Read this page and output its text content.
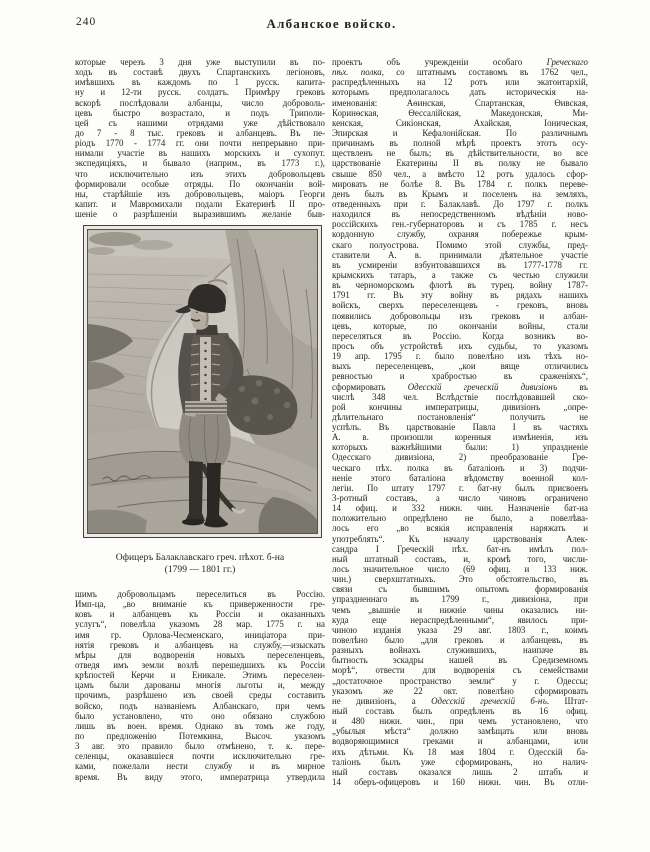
240	Албанское войско.
которые черезъ 3 дня уже выступили въ по-
ходъ въ составѣ двухъ Спартанскихъ легіоновъ,
имѣвшихъ въ каждомъ по 1 русск. капита-
ну и 12-ти русск. солдатъ. Примѣру грековъ
вскорѣ послѣдовали албанцы, число доброволь-
цевъ быстро возрастало, и подъ Триполи-
цей съ нашими отрядами уже дѣйствовало
до 7 - 8 тыс. грековъ и албанцевъ. Въ пе-
ріодъ 1770 - 1774 гг. они почти непрерывно при-
нимали участіе въ нашихъ морскихъ и сухопут.
экспедиціяхъ, и бывало (наприм., въ 1773 г.),
что исключительно изъ этихъ добровольцевъ
формировали особые отряды. По окончаніи вой-
ны, старѣйшіе изъ добровольцевъ, маіоръ Георги
капит. и Мавромихали подали Екатеринѣ II про-
шеніе о разрѣшеніи выразившимъ желаніе быв-
Офицеръ Балаклавскаго греч. пѣхот. б-на
(1799 — 1801 гг.)
шимъ добровольцамъ переселиться въ Россію.
Имп-ца, „во вниманіе къ приверженности гре-
ковъ и албанцевъ къ Россіи и оказанныхъ
услугъ“, повелѣла указомъ 28 мар. 1775 г. на
имя гр. Орлова-Чесменскаго, иниціатора при-
нятія грековъ и албанцевъ на службу,—изыскать
мѣры для водворенія новыхъ переселенцевъ,
отведя имъ земли возлѣ перешедшихъ къ Россіи
крѣпостей Керчи и Еникале. Этимъ переселен-
цамъ были дарованы многія льготы и, между
прочимъ, разрѣшено изъ своей среды составить
войско, подъ названіемъ Албанскаго, при чемъ
было установлено, что оно обязано службою
лишь въ воен. время. Однако въ томъ же году,
по предложенію Потемкина, Высоч. указомъ
3 авг. это правило было отмѣнено, т. к. пере-
селенцы, оказавшіеся почти исключительно гре-
ками, пожелали нести службу и въ мирное
время. Въ виду этого, императрица утвердила
проектъ объ учрежденіи особаго Греческаго
пѣх. полка, со штатнымъ составомъ въ 1762 чел.,
распредѣленныхъ на 12 ротъ или экатонтархій,
которымъ предполагалось дать историческія на-
именованія: Аѳинская, Спартанская, Ѳивская,
Коринѳская, Ѳессалійская, Македонская, Ми-
кенская, Сикіонская, Ахайская, Іоническая,
Эпирская и Кефалонійская. По различнымъ
причинамъ въ полной мѣрѣ проектъ этотъ осу-
ществленъ не былъ; въ дѣйствительности, во все
царствованіе Екатерины II въ полку не бывало
свыше 850 чел., а вмѣсто 12 ротъ удалось сфор-
мировать не болѣе 8. Въ 1784 г. полкъ переве-
денъ былъ въ Крымъ и поселенъ на земляхъ,
отведенныхъ при г. Балаклавѣ. До 1797 г. полкъ
находился въ непосредственномъ вѣдѣніи ново-
россійскихъ ген.-губернаторовъ и съ 1785 г. несъ
кордонную службу, охраняя побережье крым-
скаго полуострова. Помимо этой службы, пред-
ставители А. в. принимали дѣятельное участіе
въ усмиреніи взбунтовавшихся въ 1777-1778 гг.
крымскихъ татаръ, а также съ честью служили
въ черноморскомъ флотѣ въ турец. войну 1787-
1791 гг. Въ эту войну въ рядахъ нашихъ
войскъ, сверхъ переселенцевъ - грековъ, вновь
появились добровольцы изъ грековъ и албан-
цевъ, которые, по окончаніи войны, стали
переселяться въ Россію. Когда возникъ во-
просъ объ устройствѣ ихъ судьбы, то указомъ
19 апр. 1795 г. было повелѣно изъ тѣхъ но-
выхъ переселенцевъ, „кои вяще отличились
ревностью и храбростью въ сраженіяхъ“,
сформировать Одесскій греческій дивизіонъ въ
числѣ 348 чел. Вслѣдствіе послѣдовавшей ско-
рой кончины императрицы, дивизіонъ „опре-
дѣлительнаго постановленія“ получить не
успѣлъ. Въ царствованіе Павла I въ частяхъ
А. в. произошли коренныя измѣненія, изъ
которыхъ важнѣйшими были: 1) упраздненіе
Одесскаго дивизіона, 2) преобразованіе Гре-
ческаго пѣх. полка въ баталіонъ и 3) подчи-
неніе этого баталіона вѣдомству военной кол-
легіи. По штату 1797 г. бат-ну былъ присвоенъ
3-ротный составъ, а число чиновъ ограничено
14 офиц. и 332 нижн. чин. Назначеніе бат-на
положительно опредѣлено не было, а повелѣва-
лось его „во всякія исправленія наряжать и
употреблять“. Къ началу царствованія Алек-
сандра I Греческій пѣх. бат-нъ имѣлъ пол-
ный штатный составъ, и, кромѣ того, числи-
лось значительное число (69 офиц. и 133 ниж.
чин.) сверхштатныхъ. Это обстоятельство, въ
связи съ бывшимъ опытомъ формированія
упраздненнаго въ 1799 г., дивизіона, при
чемъ „вышніе и нижніе чины оказались ни-
куда еще нераспредѣленными“, явилось при-
чиною изданія указа 29 авг. 1803 г., коимъ
повелѣно было „для грековъ и албанцевъ, въ
разныхъ войнахъ служившихъ, наипаче въ
бытность эскадры нашей въ Средиземномъ
морѣ“, отвести для водворенія съ семействами
„достаточное пространство земли“ у г. Одессы;
указомъ же 22 окт. повелѣно сформировать
не дивизіонъ, а Одесскій греческій б-нъ. Штат-
ный составъ былъ опредѣленъ въ 16 офиц.
и 480 нижн. чин., при чемъ установлено, что
„убылыя мѣста“ должно замѣщать или вновь
водворяющимися греками и албанцами, или
ихъ дѣтьми. Къ 18 мая 1804 г. Одесскій ба-
таліонъ былъ уже сформированъ, но налич-
ный составъ оказался лишь 2 штабъ и
14 оберъ-офицеровъ и 160 нижн. чин. Въ отли-
